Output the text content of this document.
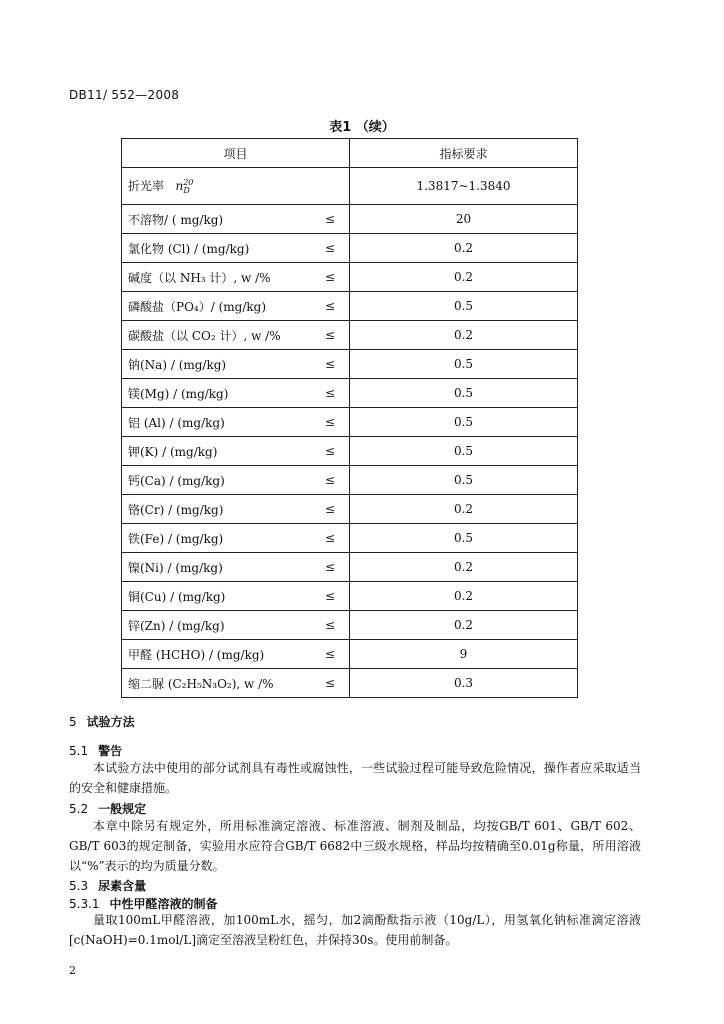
DB11/ 552—2008
表1 （续）
项目	指标要求
折光率   $n^{20}_D$	1.3817~1.3840

不溶物/ ( mg/kg) ≤	20

氯化物 (Cl) / (mg/kg) ≤	0.2

碱度（以 NH₃ 计）, w /% ≤	0.2

磷酸盐（PO₄）/ (mg/kg) ≤	0.5

碳酸盐（以 CO₂ 计）, w /% ≤	0.2

钠(Na) / (mg/kg) ≤	0.5

镁(Mg) / (mg/kg) ≤	0.5

铝 (Al) / (mg/kg) ≤	0.5

钾(K) / (mg/kg) ≤	0.5

钙(Ca) / (mg/kg) ≤	0.5

铬(Cr) / (mg/kg) ≤	0.2

铁(Fe) / (mg/kg) ≤	0.5

镍(Ni) / (mg/kg) ≤	0.2

铜(Cu) / (mg/kg) ≤	0.2

锌(Zn) / (mg/kg) ≤	0.2

甲醛 (HCHO) / (mg/kg) ≤	9

缩二脲 (C₂H₅N₃O₂), w /% ≤	0.3
5 试验方法
5.1 警告
本试验方法中使用的部分试剂具有毒性或腐蚀性，一些试验过程可能导致危险情况，操作者应采取适当的安全和健康措施。
5.2 一般规定
本章中除另有规定外，所用标准滴定溶液、标准溶液、制剂及制品，均按GB/T 601、GB/T 602、GB/T 603的规定制备，实验用水应符合GB/T 6682中三级水规格，样品均按精确至0.01g称量，所用溶液以“%”表示的均为质量分数。
5.3 尿素含量
5.3.1 中性甲醛溶液的制备
量取100mL甲醛溶液，加100mL水，摇匀，加2滴酚酞指示液（10g/L），用氢氧化钠标准滴定溶液[c(NaOH)=0.1mol/L]滴定至溶液呈粉红色，并保持30s。使用前制备。
2
